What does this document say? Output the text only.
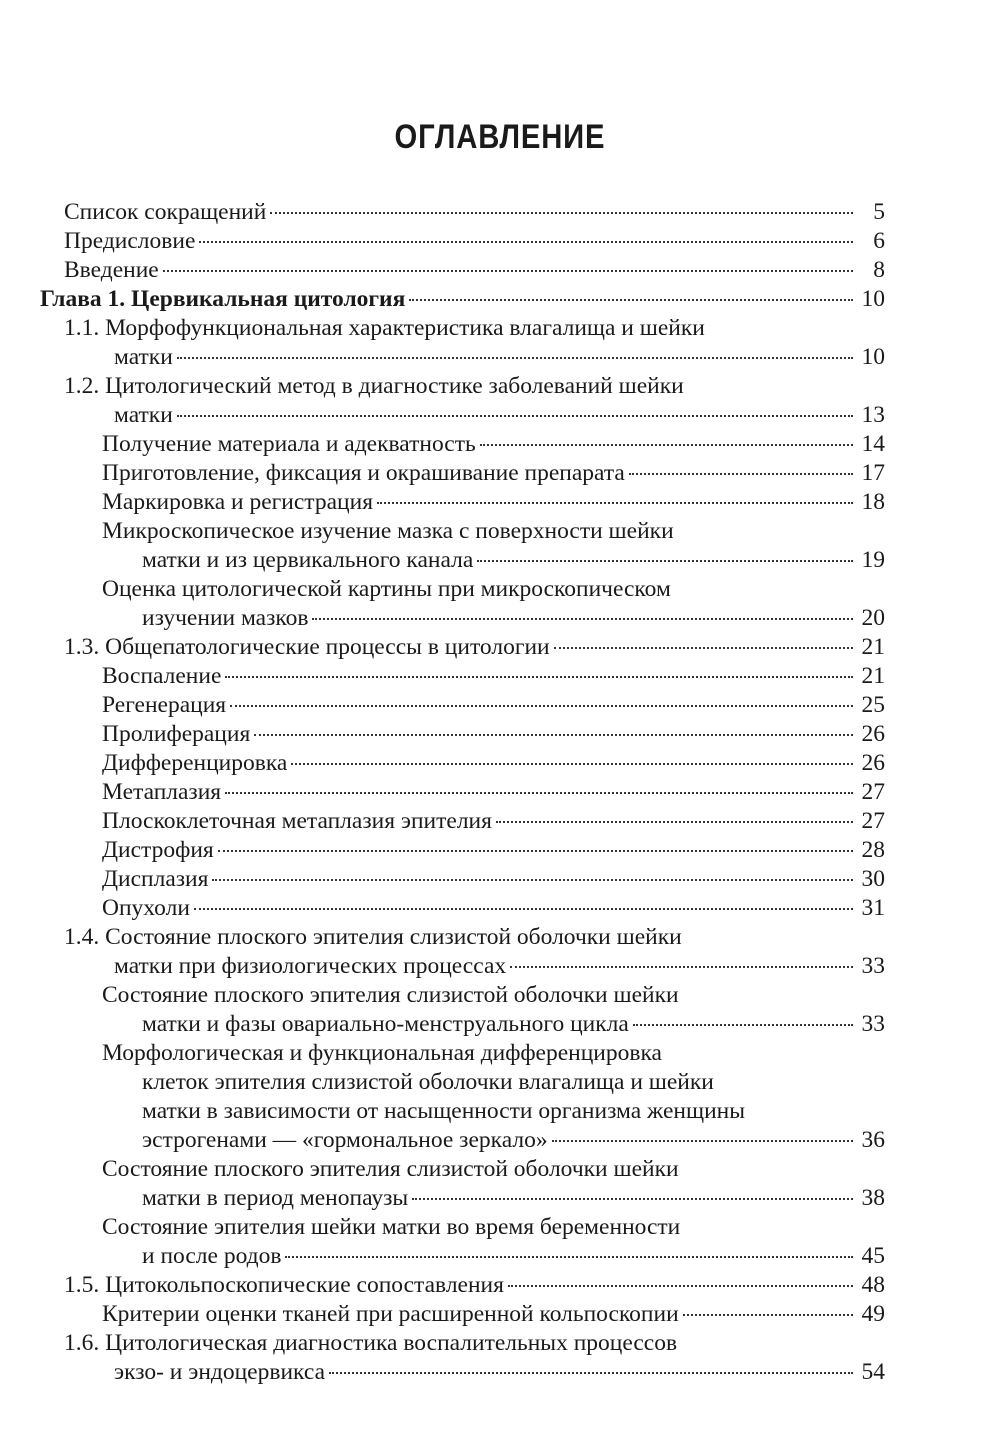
ОГЛАВЛЕНИЕ
Список сокращений	5
Предисловие	6
Введение	8
Глава 1. Цервикальная цитология	10
1.1. Морфофункциональная характеристика влагалища и шейки
матки	10
1.2. Цитологический метод в диагностике заболеваний шейки
матки	13
Получение материала и адекватность	14
Приготовление, фиксация и окрашивание препарата	17
Маркировка и регистрация	18
Микроскопическое изучение мазка с поверхности шейки
матки и из цервикального канала	19
Оценка цитологической картины при микроскопическом
изучении мазков	20
1.3. Общепатологические процессы в цитологии	21
Воспаление	21
Регенерация	25
Пролиферация	26
Дифференцировка	26
Метаплазия	27
Плоскоклеточная метаплазия эпителия	27
Дистрофия	28
Дисплазия	30
Опухоли	31
1.4. Состояние плоского эпителия слизистой оболочки шейки
матки при физиологических процессах	33
Состояние плоского эпителия слизистой оболочки шейки
матки и фазы овариально-менструального цикла	33
Морфологическая и функциональная дифференцировка
клеток эпителия слизистой оболочки влагалища и шейки
матки в зависимости от насыщенности организма женщины
эстрогенами — «гормональное зеркало»	36
Состояние плоского эпителия слизистой оболочки шейки
матки в период менопаузы	38
Состояние эпителия шейки матки во время беременности
и после родов	45
1.5. Цитокольпоскопические сопоставления	48
Критерии оценки тканей при расширенной кольпоскопии	49
1.6. Цитологическая диагностика воспалительных процессов
экзо- и эндоцервикса	54
